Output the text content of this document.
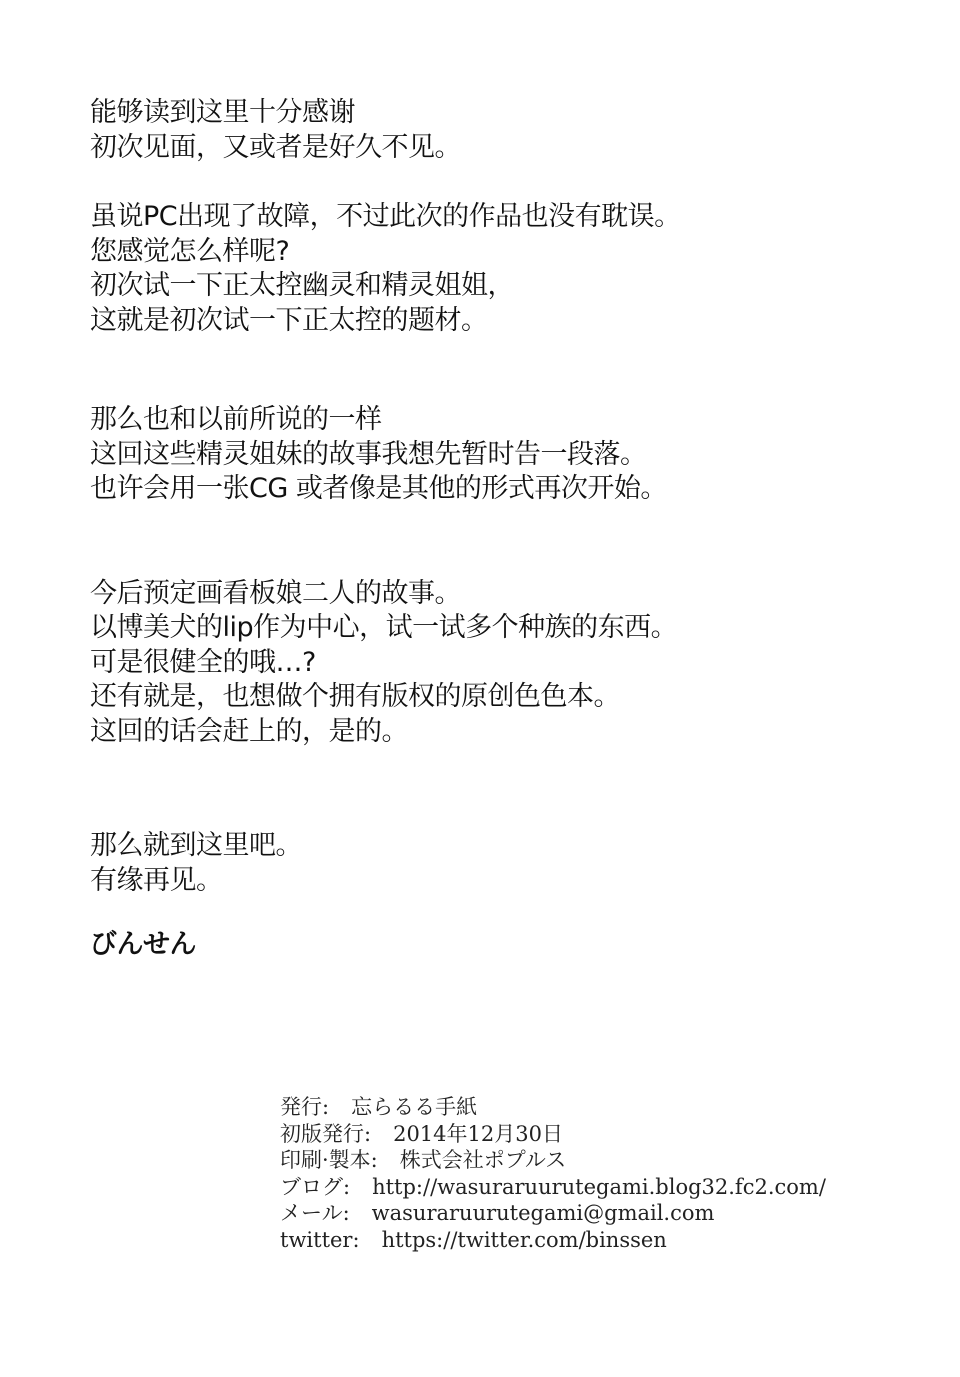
能够读到这里十分感谢
初次见面，又或者是好久不见。

虽说PC出现了故障，不过此次的作品也没有耽误。
您感觉怎么样呢?
初次试一下正太控幽灵和精灵姐姐，
这就是初次试一下正太控的题材。

那么也和以前所说的一样
这回这些精灵姐妹的故事我想先暂时告一段落。
也许会用一张CG 或者像是其他的形式再次开始。

今后预定画看板娘二人的故事。
以博美犬的lip作为中心，试一试多个种族的东西。
可是很健全的哦…?
还有就是，也想做个拥有版权的原创色色本。
这回的话会赶上的，是的。

那么就到这里吧。
有缘再见。

びんせん

発行: 忘らるる手紙
初版発行: 2014年12月30日
印刷·製本: 株式会社ポプルス
ブログ: http://wasuraruurutegami.blog32.fc2.com/
メール: wasuraruurutegami@gmail.com
twitter: https://twitter.com/binssen
